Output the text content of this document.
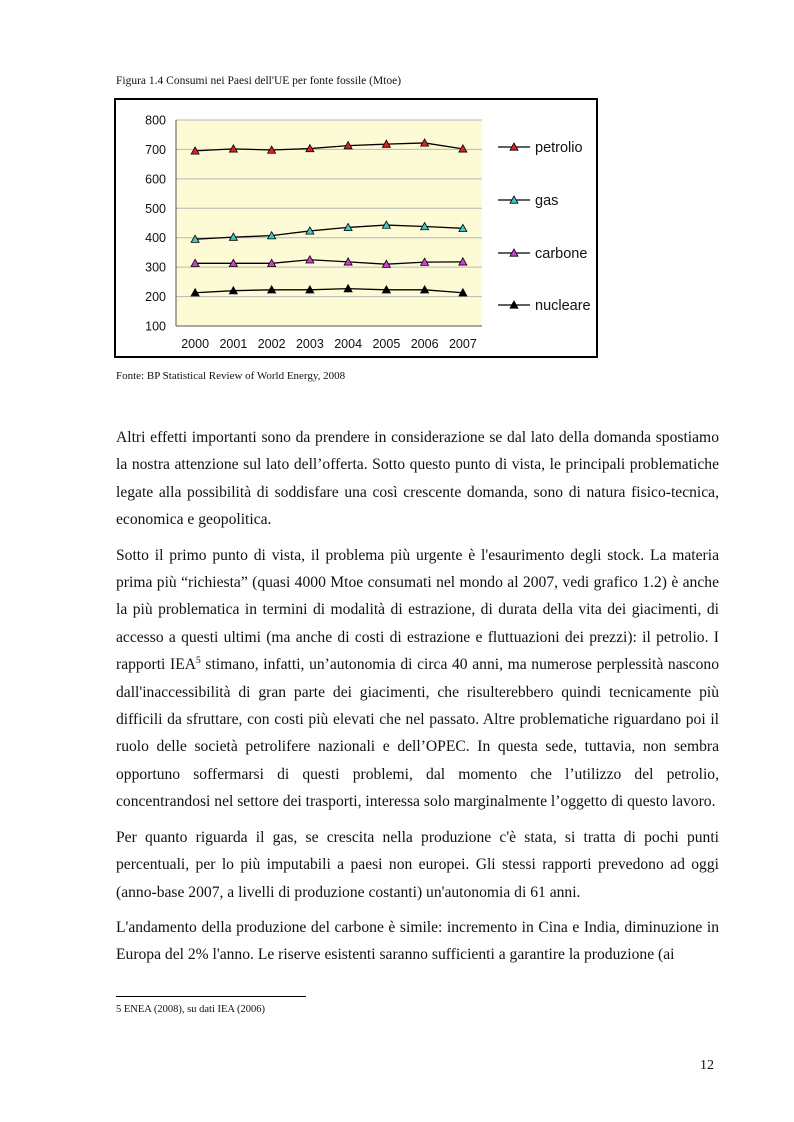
Figura 1.4 Consumi nei Paesi dell'UE per fonte fossile (Mtoe)
800
700
600
500
400
300
200
100
2000 2001 2002 2003 2004 2005 2006 2007
petrolio
gas
carbone
nucleare
Fonte: BP Statistical Review of World Energy, 2008

Altri effetti importanti sono da prendere in considerazione se dal lato della domanda spostiamo la nostra attenzione sul lato dell’offerta. Sotto questo punto di vista, le principali problematiche legate alla possibilità di soddisfare una così crescente domanda, sono di natura fisico-tecnica, economica e geopolitica.

Sotto il primo punto di vista, il problema più urgente è l'esaurimento degli stock. La materia prima più “richiesta” (quasi 4000 Mtoe consumati nel mondo al 2007, vedi grafico 1.2) è anche la più problematica in termini di modalità di estrazione, di durata della vita dei giacimenti, di accesso a questi ultimi (ma anche di costi di estrazione e fluttuazioni dei prezzi): il petrolio. I rapporti IEA$^5$ stimano, infatti, un’autonomia di circa 40 anni, ma numerose perplessità nascono dall'inaccessibilità di gran parte dei giacimenti, che risulterebbero quindi tecnicamente più difficili da sfruttare, con costi più elevati che nel passato. Altre problematiche riguardano poi il ruolo delle società petrolifere nazionali e dell’OPEC. In questa sede, tuttavia, non sembra opportuno soffermarsi di questi problemi, dal momento che l’utilizzo del petrolio, concentrandosi nel settore dei trasporti, interessa solo marginalmente l’oggetto di questo lavoro.

Per quanto riguarda il gas, se crescita nella produzione c'è stata, si tratta di pochi punti percentuali, per lo più imputabili a paesi non europei. Gli stessi rapporti prevedono ad oggi (anno-base 2007, a livelli di produzione costanti) un'autonomia di 61 anni.

L'andamento della produzione del carbone è simile: incremento in Cina e India, diminuzione in Europa del 2% l'anno. Le riserve esistenti saranno sufficienti a garantire la produzione (ai

5 ENEA (2008), su dati IEA (2006)
12
